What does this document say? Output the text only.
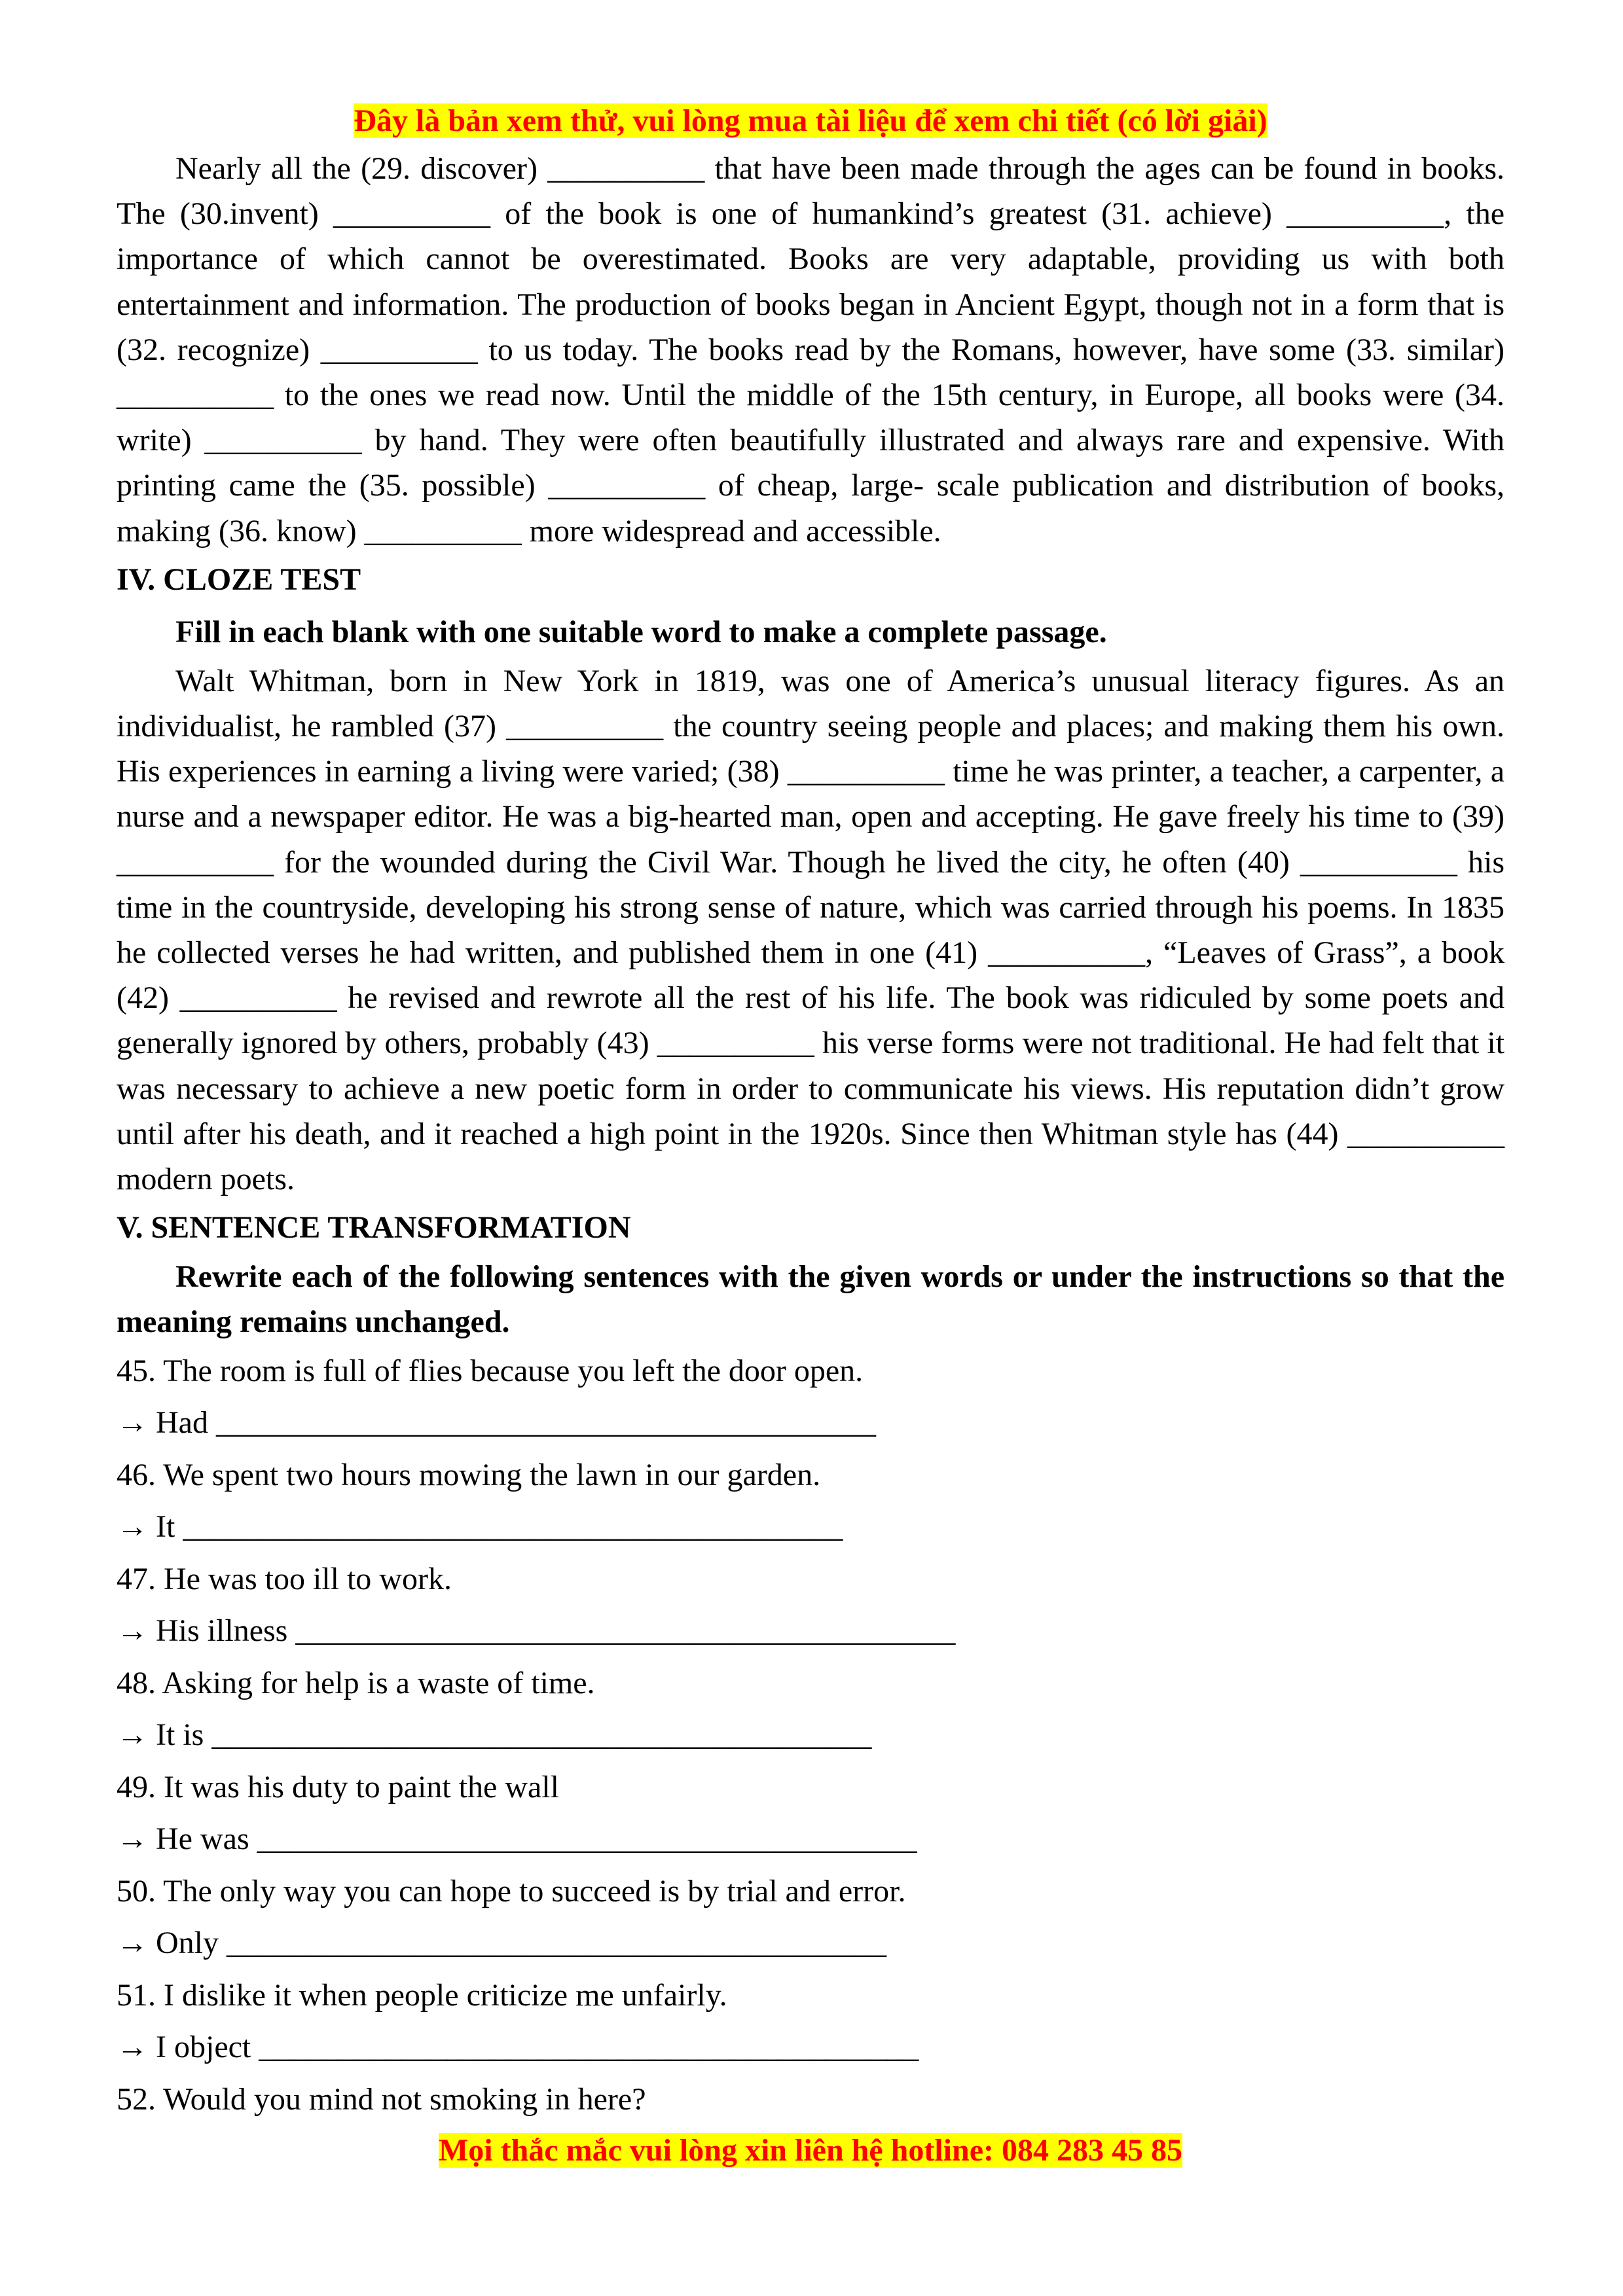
Đây là bản xem thử, vui lòng mua tài liệu để xem chi tiết (có lời giải)

Nearly all the (29. discover) __________ that have been made through the ages can be found in books. The (30.invent) __________ of the book is one of humankind’s greatest (31. achieve) __________, the importance of which cannot be overestimated. Books are very adaptable, providing us with both entertainment and information. The production of books began in Ancient Egypt, though not in a form that is (32. recognize) __________ to us today. The books read by the Romans, however, have some (33. similar) __________ to the ones we read now. Until the middle of the 15th century, in Europe, all books were (34. write) __________ by hand. They were often beautifully illustrated and always rare and expensive. With printing came the (35. possible) __________ of cheap, large- scale publication and distribution of books, making (36. know) __________ more widespread and accessible.

IV. CLOZE TEST

Fill in each blank with one suitable word to make a complete passage.

Walt Whitman, born in New York in 1819, was one of America’s unusual literacy figures. As an individualist, he rambled (37) __________ the country seeing people and places; and making them his own. His experiences in earning a living were varied; (38) __________ time he was printer, a teacher, a carpenter, a nurse and a newspaper editor. He was a big-hearted man, open and accepting. He gave freely his time to (39) __________ for the wounded during the Civil War. Though he lived the city, he often (40) __________ his time in the countryside, developing his strong sense of nature, which was carried through his poems. In 1835 he collected verses he had written, and published them in one (41) __________, “Leaves of Grass”, a book (42) __________ he revised and rewrote all the rest of his life. The book was ridiculed by some poets and generally ignored by others, probably (43) __________ his verse forms were not traditional. He had felt that it was necessary to achieve a new poetic form in order to communicate his views. His reputation didn’t grow until after his death, and it reached a high point in the 1920s. Since then Whitman style has (44) __________ modern poets.

V. SENTENCE TRANSFORMATION

Rewrite each of the following sentences with the given words or under the instructions so that the meaning remains unchanged.

45. The room is full of flies because you left the door open.

→ Had __________________________________________

46. We spent two hours mowing the lawn in our garden.

→ It __________________________________________

47. He was too ill to work.

→ His illness __________________________________________

48. Asking for help is a waste of time.

→ It is __________________________________________

49. It was his duty to paint the wall

→ He was __________________________________________

50. The only way you can hope to succeed is by trial and error.

→ Only __________________________________________

51. I dislike it when people criticize me unfairly.

→ I object __________________________________________

52. Would you mind not smoking in here?

Mọi thắc mắc vui lòng xin liên hệ hotline: 084 283 45 85
